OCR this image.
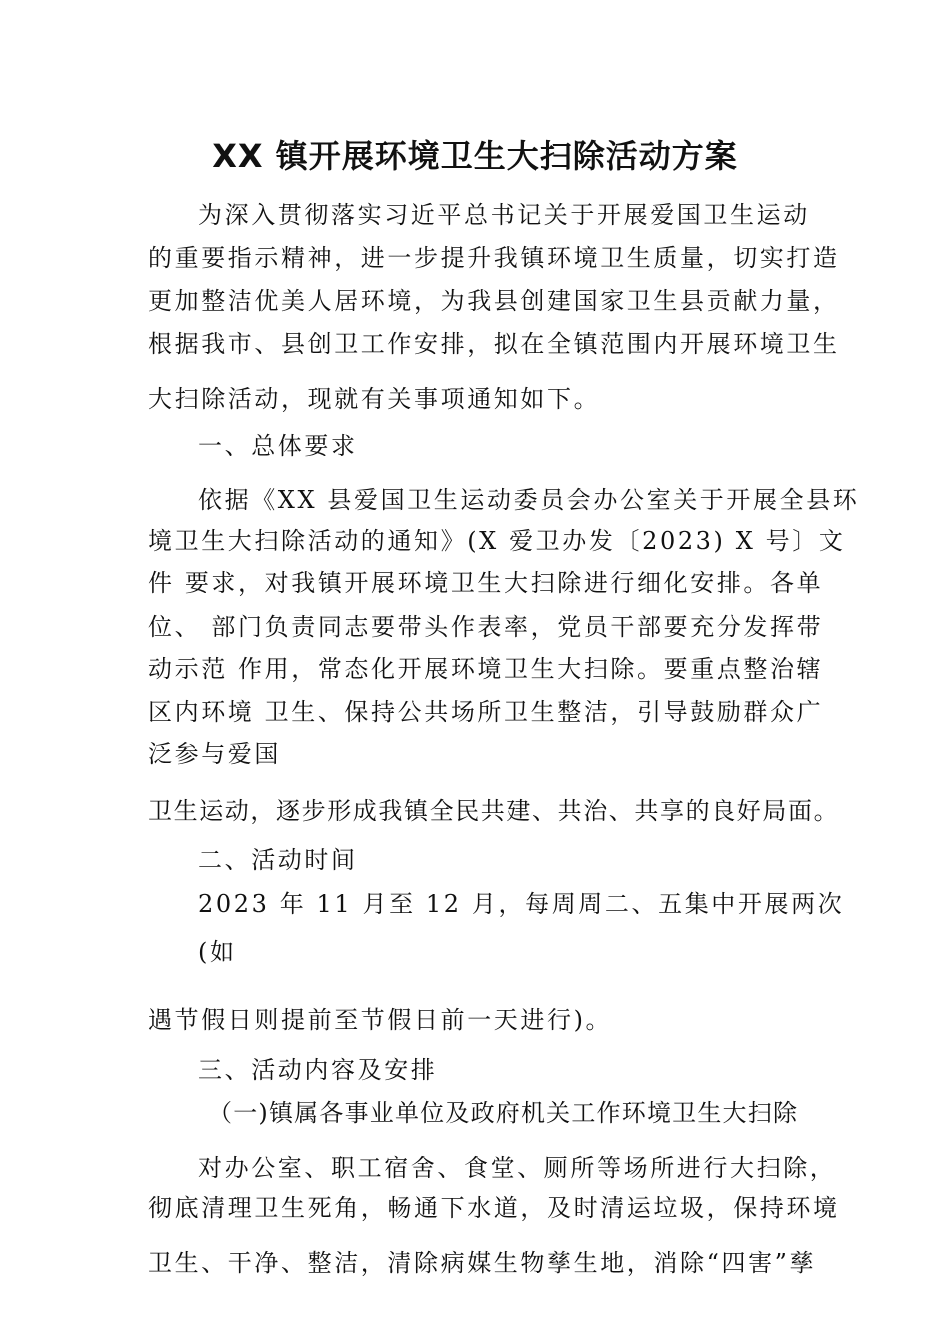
XX 镇开展环境卫生大扫除活动方案

为深入贯彻落实习近平总书记关于开展爱国卫生运动

的重要指示精神，进一步提升我镇环境卫生质量，切实打造

更加整洁优美人居环境，为我县创建国家卫生县贡献力量，

根据我市、县创卫工作安排，拟在全镇范围内开展环境卫生

大扫除活动，现就有关事项通知如下。

一、总体要求

依据《XX 县爱国卫生运动委员会办公室关于开展全县环

境卫生大扫除活动的通知》(X 爱卫办发〔2023) X 号〕文

件 要求，对我镇开展环境卫生大扫除进行细化安排。各单

位、 部门负责同志要带头作表率，党员干部要充分发挥带

动示范 作用，常态化开展环境卫生大扫除。要重点整治辖

区内环境 卫生、保持公共场所卫生整洁，引导鼓励群众广

泛参与爱国

卫生运动，逐步形成我镇全民共建、共治、共享的良好局面。

二、活动时间

2023 年 11 月至 12 月，每周周二、五集中开展两次

(如

遇节假日则提前至节假日前一天进行)。

三、活动内容及安排

（一)镇属各事业单位及政府机关工作环境卫生大扫除

对办公室、职工宿舍、食堂、厕所等场所进行大扫除，

彻底清理卫生死角，畅通下水道，及时清运垃圾，保持环境

卫生、干净、整洁，清除病媒生物孳生地，消除“四害”孳
